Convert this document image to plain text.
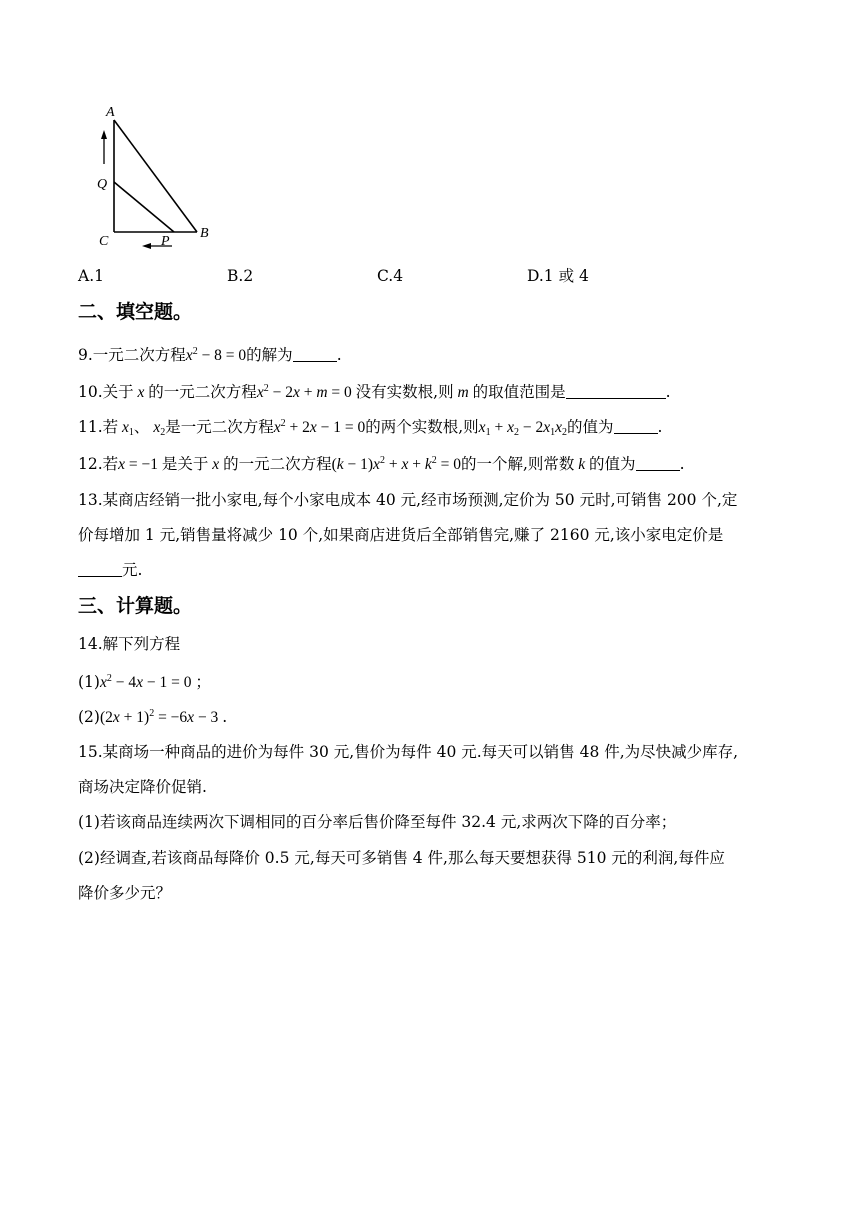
A
Q
C	P
B
A.1	B.2	C.4	D.1 或 4
二、填空题。
9.一元二次方程$x^2 - 8 = 0$的解为	.
10.关于 x 的一元二次方程$x^2 - 2x + m = 0$ 没有实数根,则 m 的取值范围是	.
11.若 $x_1$、 $x_2$是一元二次方程$x^2 + 2x - 1 = 0$的两个实数根,则$x_1 + x_2 - 2x_1x_2$的值为	.
12.若x = −1 是关于 x 的一元二次方程$(k - 1)x^2 + x + k^2 = 0$的一个解,则常数 k 的值为	.
13.某商店经销一批小家电,每个小家电成本 40 元,经市场预测,定价为 50 元时,可销售 200 个,定
价每增加 1 元,销售量将减少 10 个,如果商店进货后全部销售完,赚了 2160 元,该小家电定价是
元.
三、计算题。
14.解下列方程
$(1)x^2 - 4x - 1 = 0$ ；
$(2)(2x + 1)^2 = -6x - 3$ .
15.某商场一种商品的进价为每件 30 元,售价为每件 40 元.每天可以销售 48 件,为尽快减少库存,
商场决定降价促销.
(1)若该商品连续两次下调相同的百分率后售价降至每件 32.4 元,求两次下降的百分率；
(2)经调查,若该商品每降价 0.5 元,每天可多销售 4 件,那么每天要想获得 510 元的利润,每件应
降价多少元？
